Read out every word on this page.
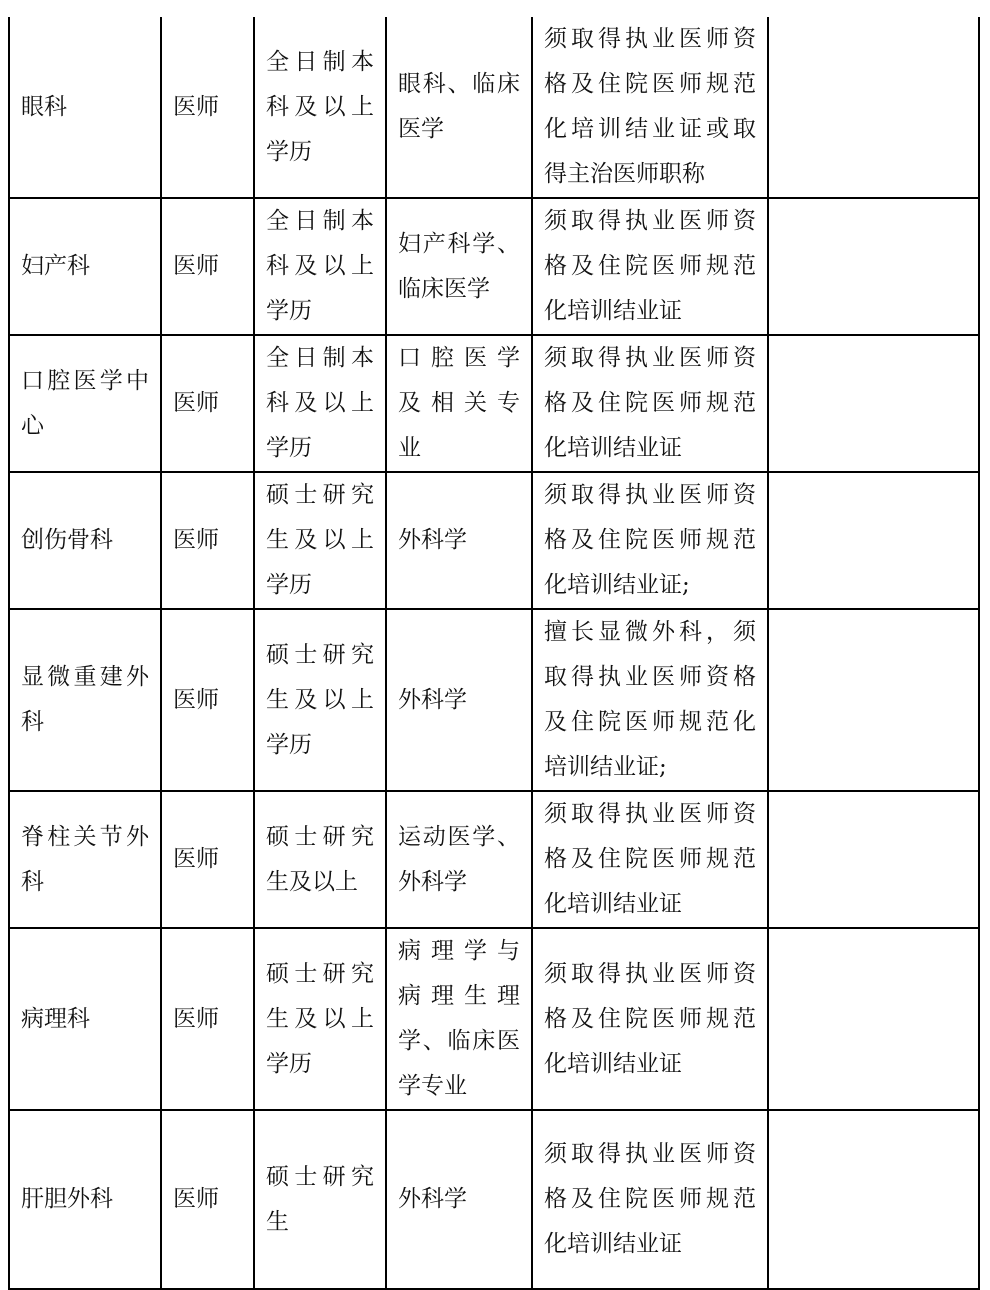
眼科	医师	全日制本
科及以上
学历	眼科、临床
医学	须取得执业医师资
格及住院医师规范
化培训结业证或取
得主治医师职称	

妇产科	医师	全日制本
科及以上
学历	妇产科学、
临床医学	须取得执业医师资
格及住院医师规范
化培训结业证	

口腔医学中
心	医师	全日制本
科及以上
学历	口腔医学
及相关专
业	须取得执业医师资
格及住院医师规范
化培训结业证	

创伤骨科	医师	硕士研究
生及以上
学历	外科学	须取得执业医师资
格及住院医师规范
化培训结业证;	

显微重建外
科	医师	硕士研究
生及以上
学历	外科学	擅长显微外科，须
取得执业医师资格
及住院医师规范化
培训结业证;	

脊柱关节外
科	医师	硕士研究
生及以上	运动医学、
外科学	须取得执业医师资
格及住院医师规范
化培训结业证	

病理科	医师	硕士研究
生及以上
学历	病理学与
病理生理
学、临床医
学专业	须取得执业医师资
格及住院医师规范
化培训结业证	

肝胆外科	医师	硕士研究
生	外科学	须取得执业医师资
格及住院医师规范
化培训结业证	
